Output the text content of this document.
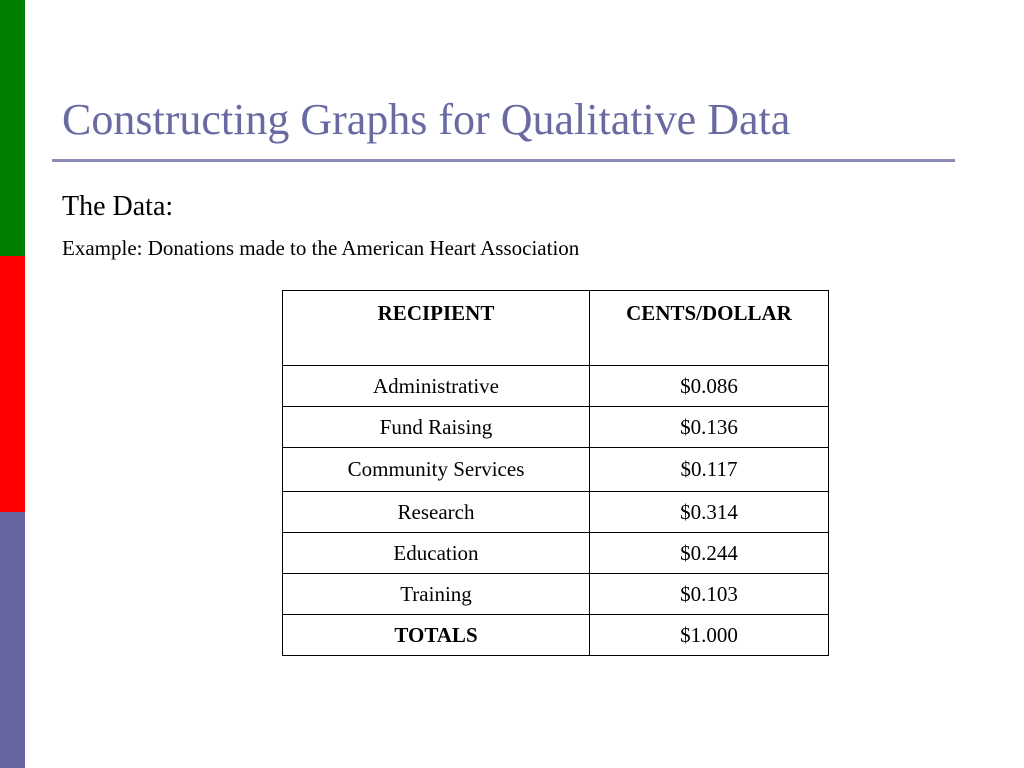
Constructing Graphs for Qualitative Data
The Data:
Example: Donations made to the American Heart Association
RECIPIENT	CENTS/DOLLAR
Administrative	$0.086
Fund Raising	$0.136
Community Services	$0.117
Research	$0.314
Education	$0.244
Training	$0.103
TOTALS	$1.000
